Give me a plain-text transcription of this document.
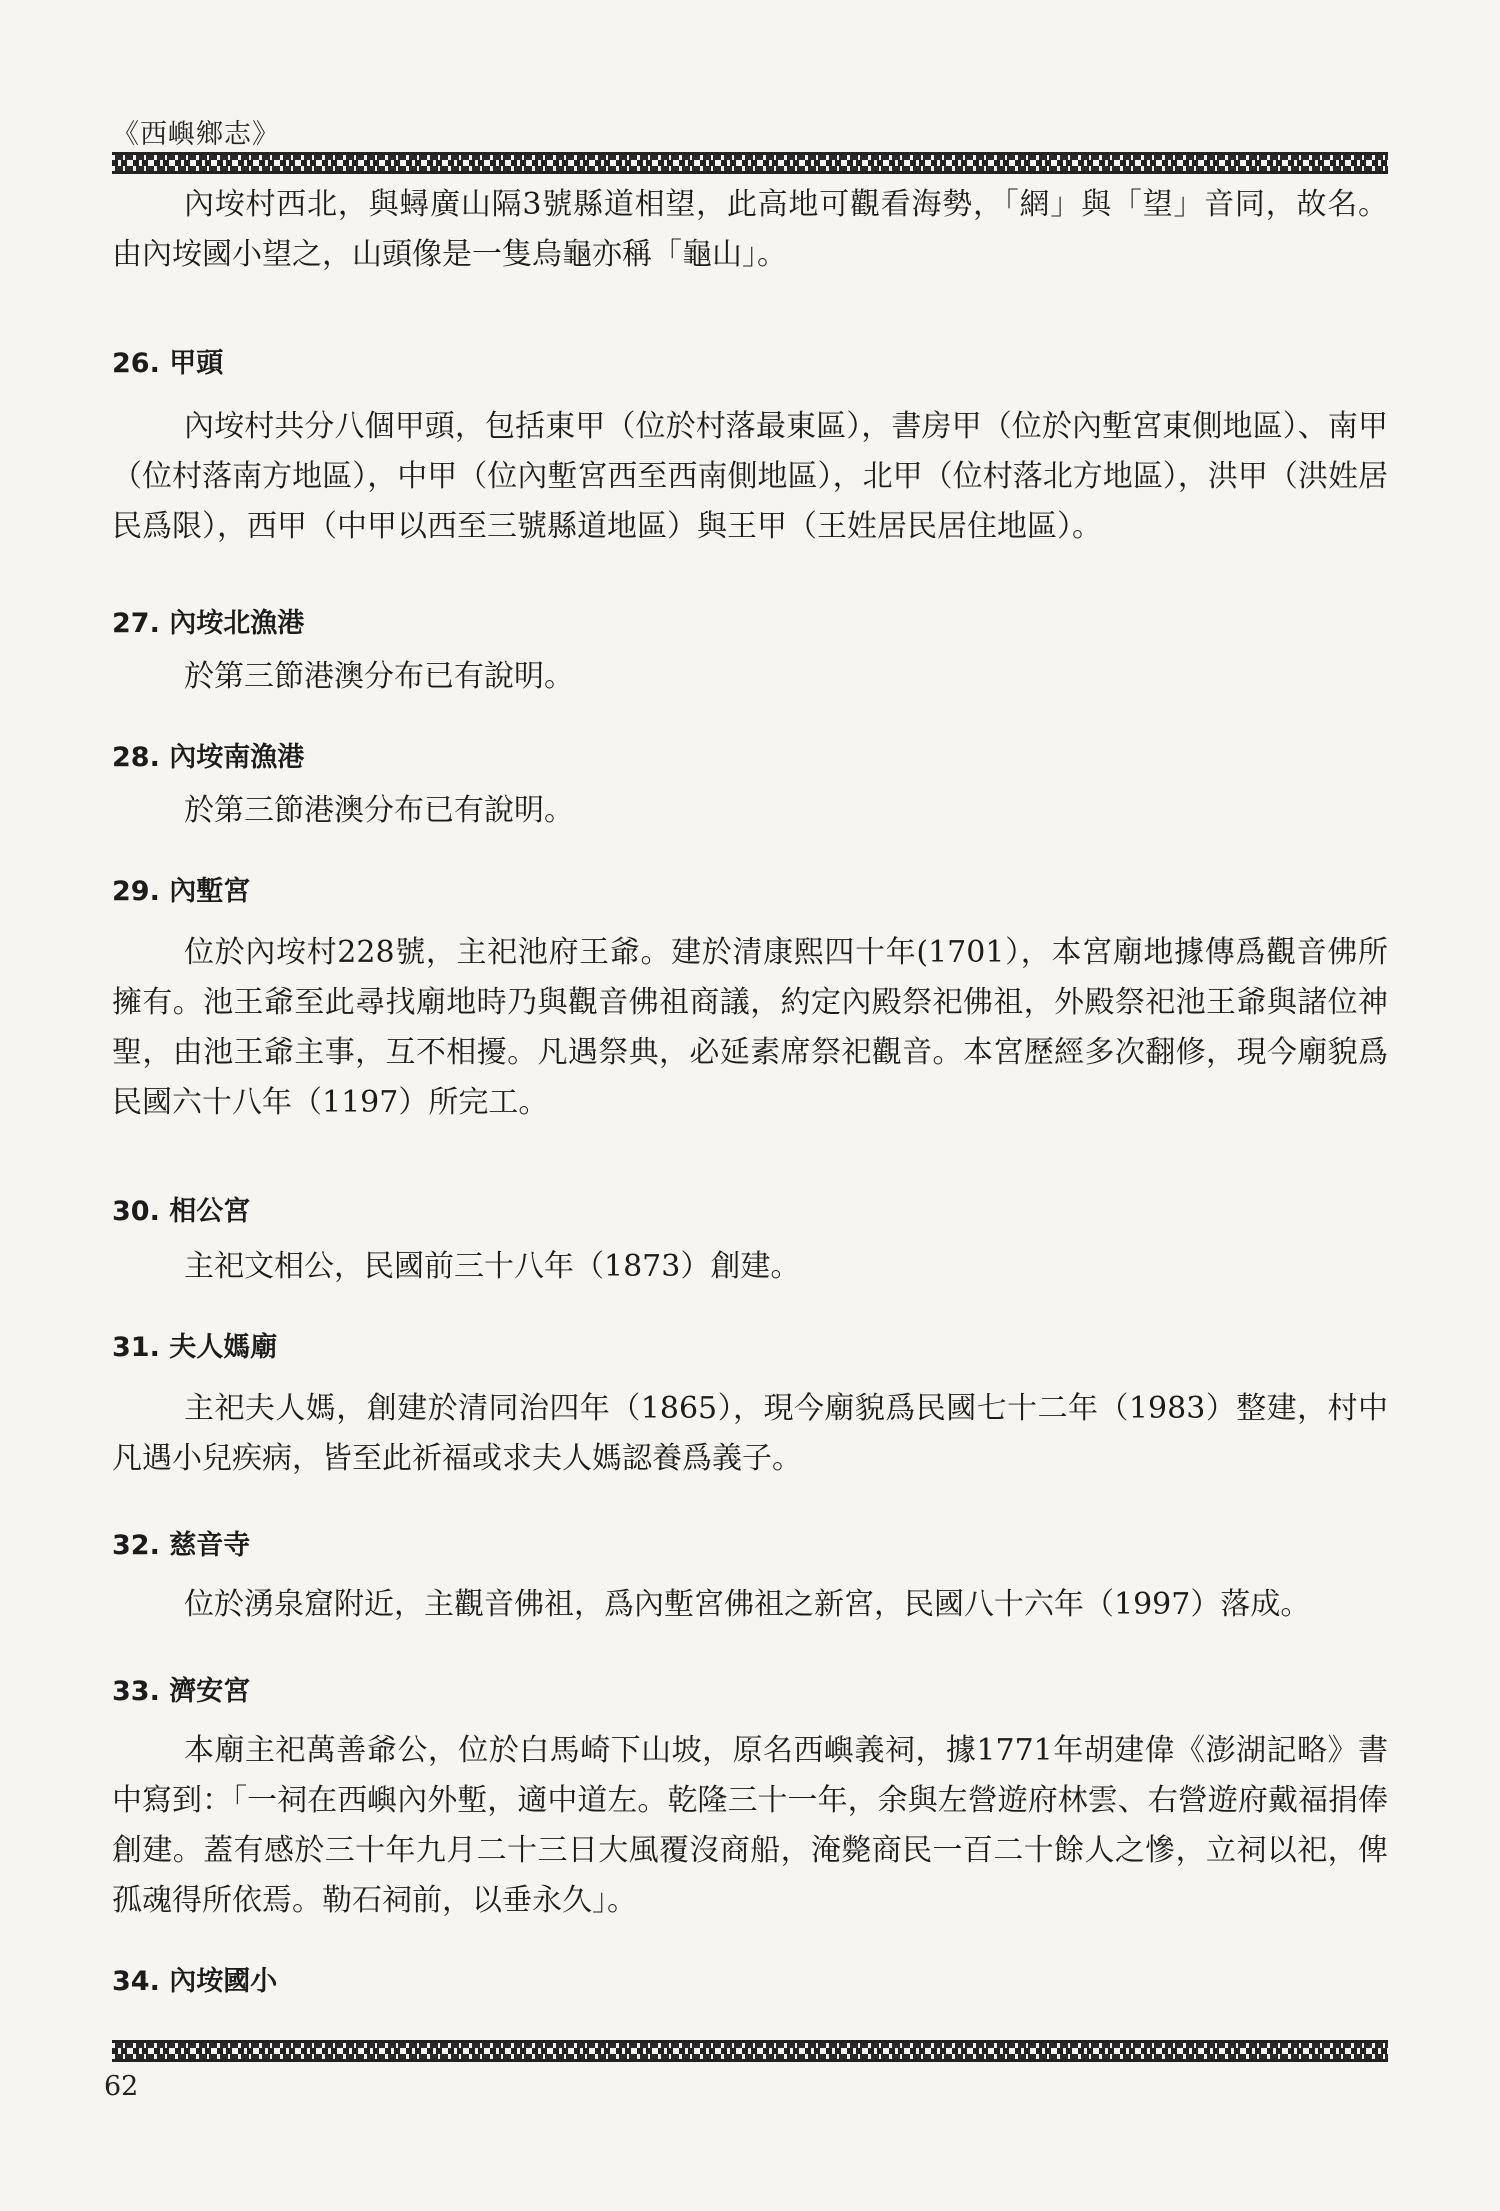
《西嶼鄉志》

內垵村西北，與蟳廣山隔3號縣道相望，此高地可觀看海勢，「網」與「望」音同，故名。由內垵國小望之，山頭像是一隻烏龜亦稱「龜山」。

26. 甲頭

內垵村共分八個甲頭，包括東甲（位於村落最東區），書房甲（位於內塹宮東側地區）、南甲（位村落南方地區），中甲（位內塹宮西至西南側地區），北甲（位村落北方地區），洪甲（洪姓居民爲限），西甲（中甲以西至三號縣道地區）與王甲（王姓居民居住地區）。

27. 內垵北漁港

於第三節港澳分布已有說明。

28. 內垵南漁港

於第三節港澳分布已有說明。

29. 內塹宮

位於內垵村228號，主祀池府王爺。建於清康熙四十年(1701），本宮廟地據傳爲觀音佛所擁有。池王爺至此尋找廟地時乃與觀音佛祖商議，約定內殿祭祀佛祖，外殿祭祀池王爺與諸位神聖，由池王爺主事，互不相擾。凡遇祭典，必延素席祭祀觀音。本宮歷經多次翻修，現今廟貌爲民國六十八年（1197）所完工。

30. 相公宮

主祀文相公，民國前三十八年（1873）創建。

31. 夫人媽廟

主祀夫人媽，創建於清同治四年（1865），現今廟貌爲民國七十二年（1983）整建，村中凡遇小兒疾病，皆至此祈福或求夫人媽認養爲義子。

32. 慈音寺

位於湧泉窟附近，主觀音佛祖，爲內塹宮佛祖之新宮，民國八十六年（1997）落成。

33. 濟安宮

本廟主祀萬善爺公，位於白馬崎下山坡，原名西嶼義祠，據1771年胡建偉《澎湖記略》書中寫到：「一祠在西嶼內外塹，適中道左。乾隆三十一年，余與左營遊府林雲、右營遊府戴福捐俸創建。蓋有感於三十年九月二十三日大風覆沒商船，淹斃商民一百二十餘人之慘，立祠以祀，俾孤魂得所依焉。勒石祠前，以垂永久」。

34. 內垵國小

62
